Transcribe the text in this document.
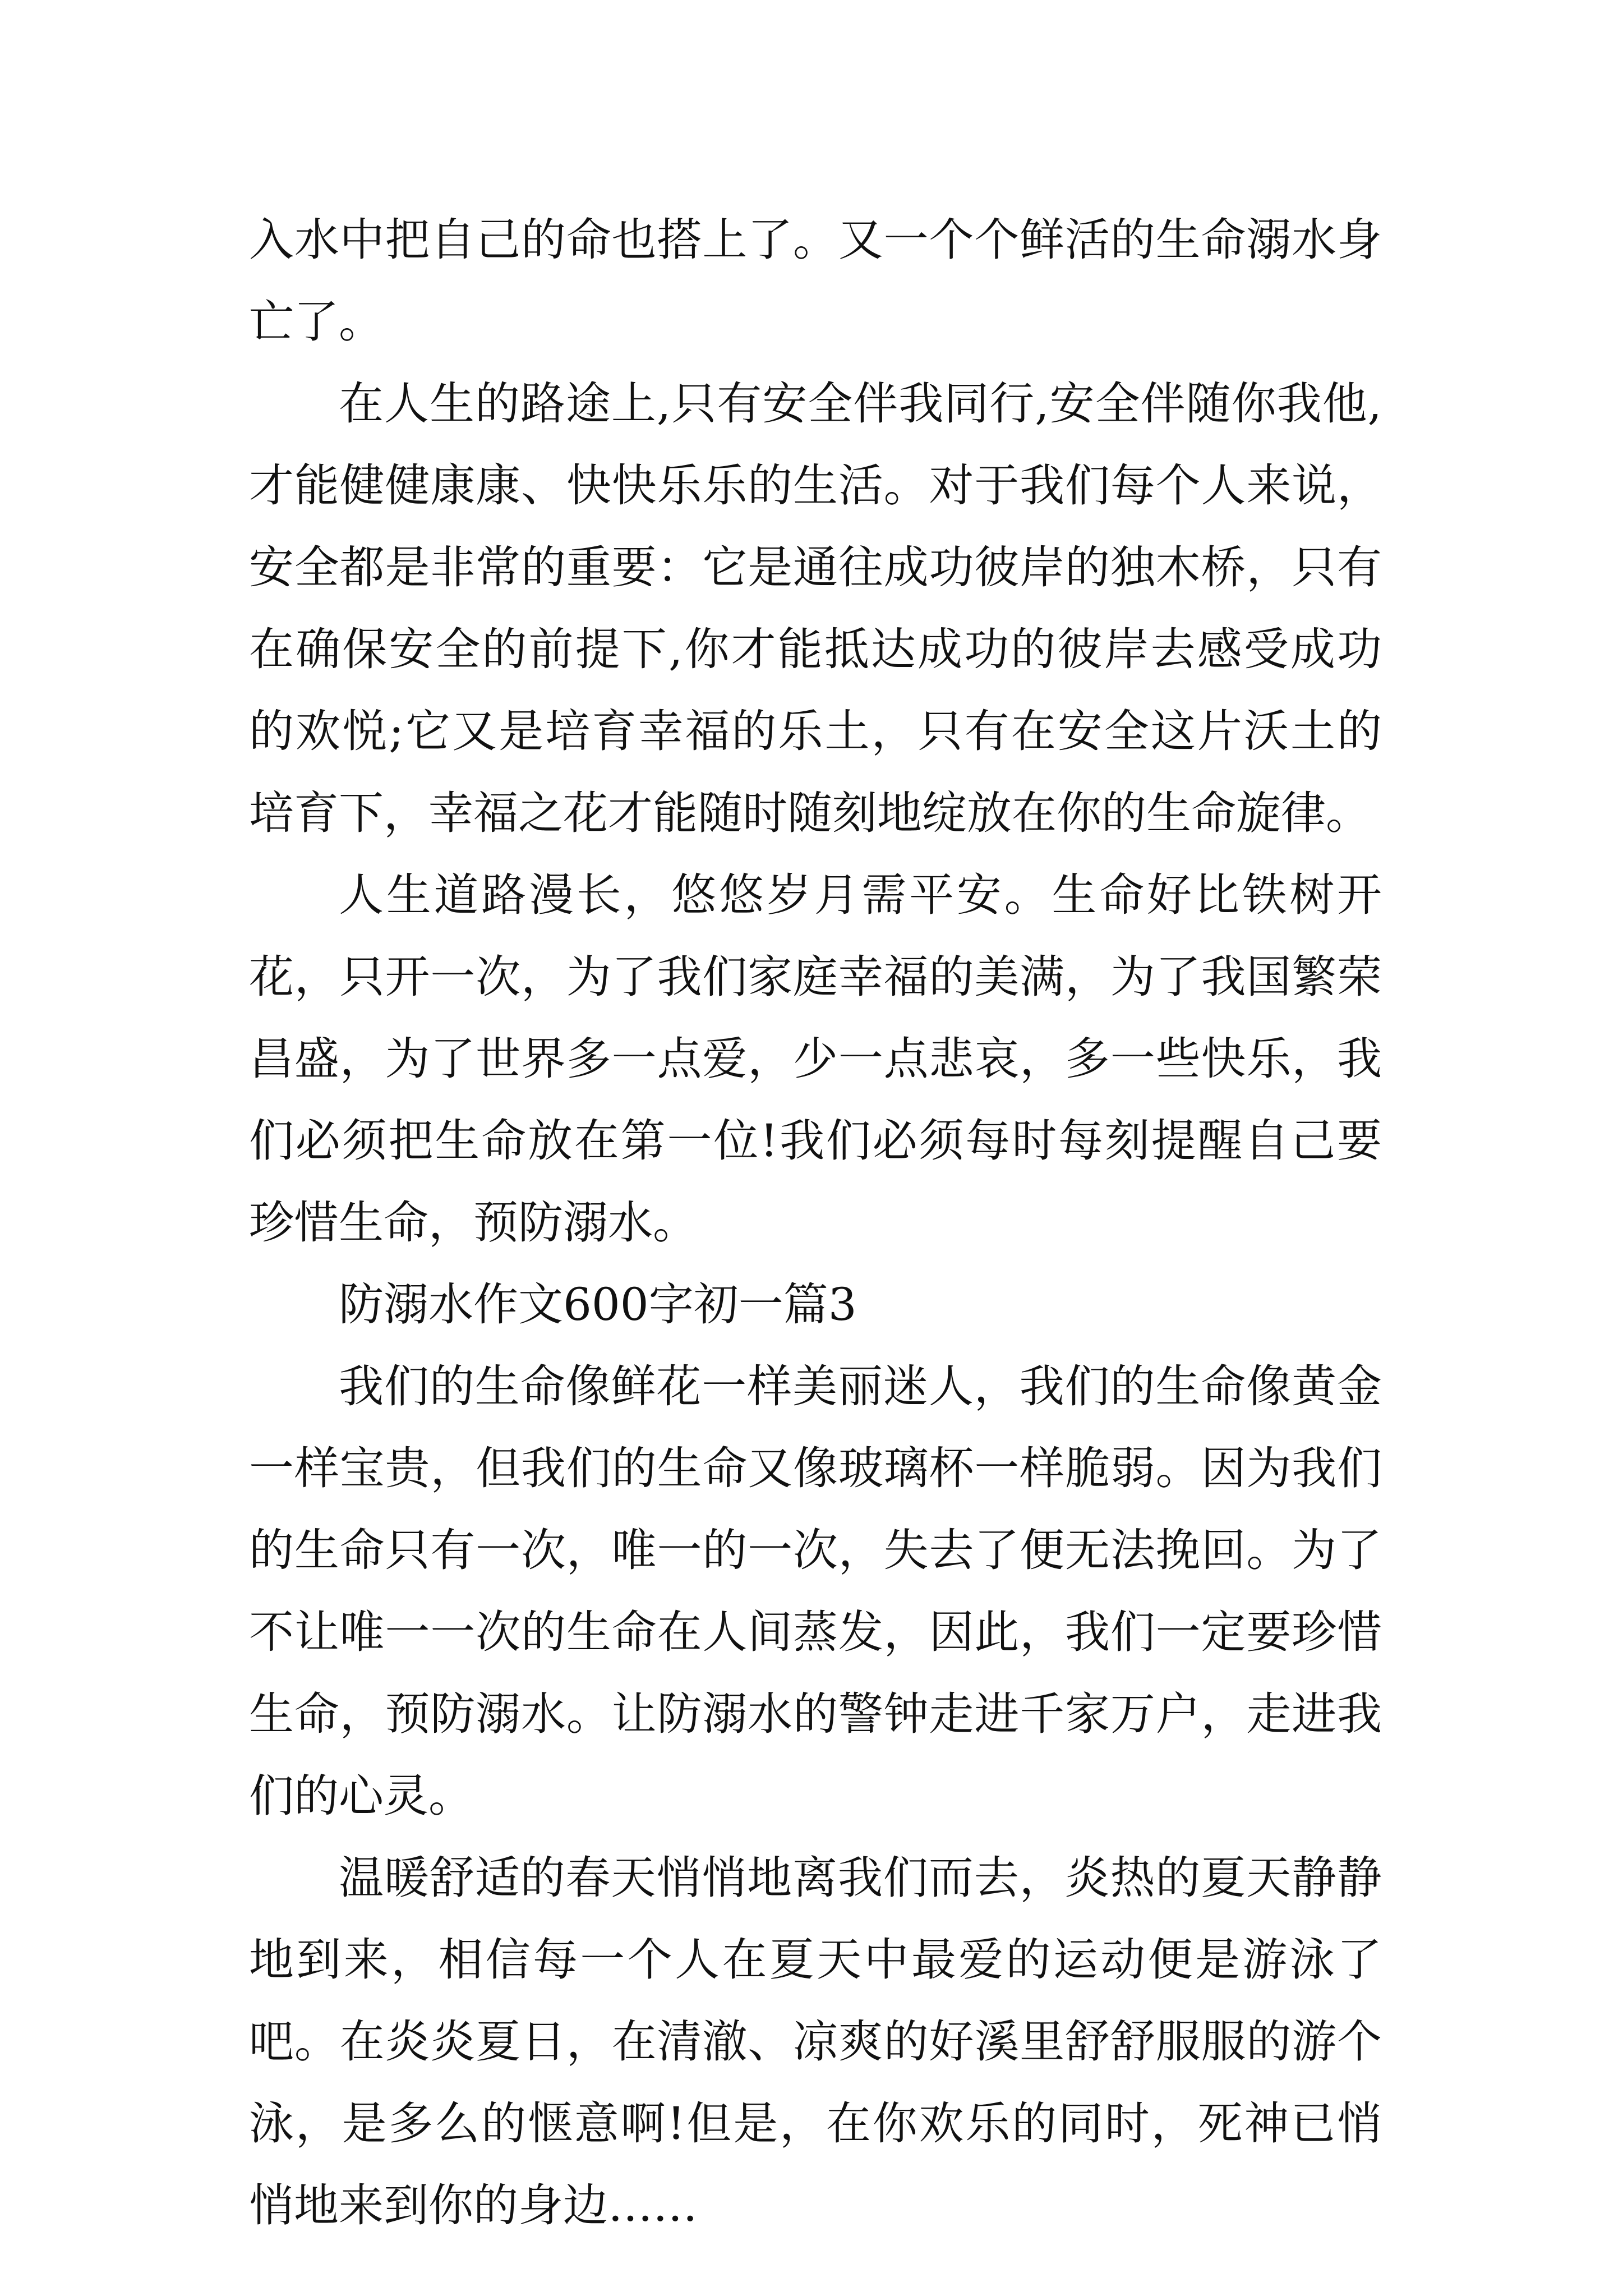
入水中把自己的命也搭上了。又一个个鲜活的生命溺水身亡了。

在人生的路途上,只有安全伴我同行,安全伴随你我他,才能健健康康、快快乐乐的生活。对于我们每个人来说，安全都是非常的重要：它是通往成功彼岸的独木桥，只有在确保安全的前提下,你才能抵达成功的彼岸去感受成功的欢悦;它又是培育幸福的乐土，只有在安全这片沃土的培育下，幸福之花才能随时随刻地绽放在你的生命旋律。

人生道路漫长，悠悠岁月需平安。生命好比铁树开花，只开一次，为了我们家庭幸福的美满，为了我国繁荣昌盛，为了世界多一点爱，少一点悲哀，多一些快乐，我们必须把生命放在第一位!我们必须每时每刻提醒自己要珍惜生命，预防溺水。

防溺水作文600字初一篇3

我们的生命像鲜花一样美丽迷人，我们的生命像黄金一样宝贵，但我们的生命又像玻璃杯一样脆弱。因为我们的生命只有一次，唯一的一次，失去了便无法挽回。为了不让唯一一次的生命在人间蒸发，因此，我们一定要珍惜生命，预防溺水。让防溺水的警钟走进千家万户，走进我们的心灵。

温暖舒适的春天悄悄地离我们而去，炎热的夏天静静地到来，相信每一个人在夏天中最爱的运动便是游泳了吧。在炎炎夏日，在清澈、凉爽的好溪里舒舒服服的游个泳，是多么的惬意啊!但是，在你欢乐的同时，死神已悄悄地来到你的身边……
